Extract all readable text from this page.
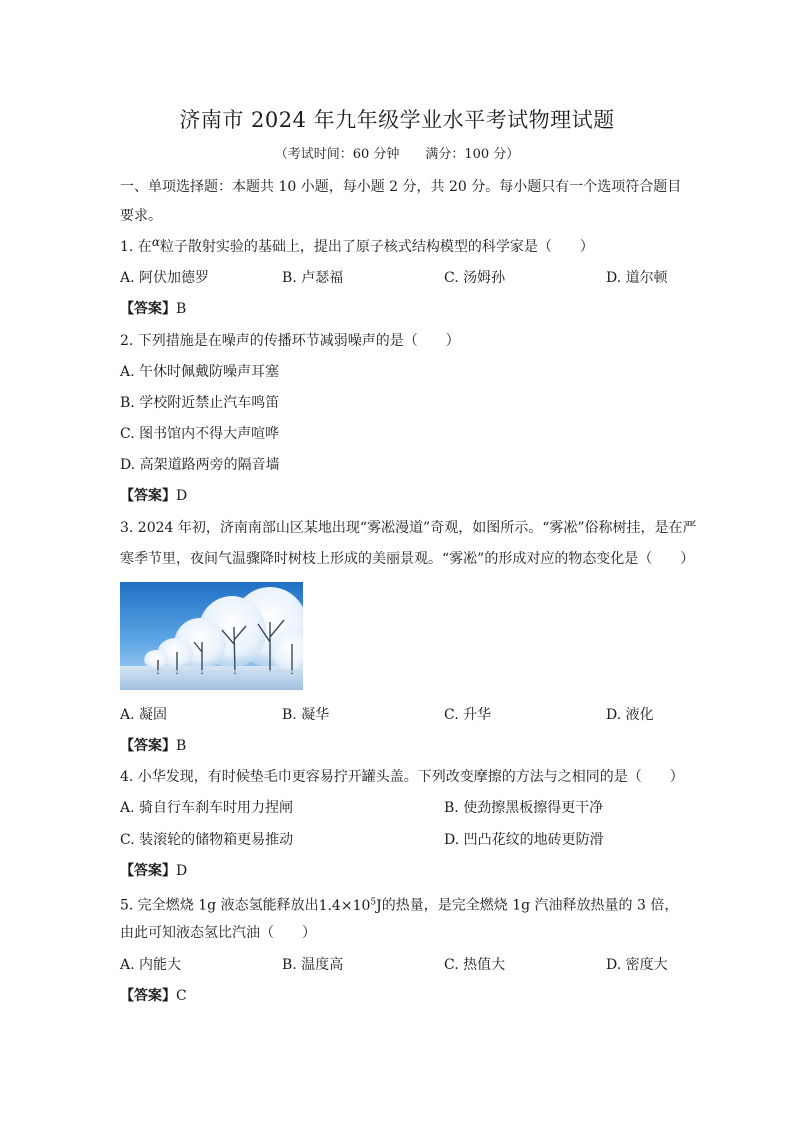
济南市 2024 年九年级学业水平考试物理试题
（考试时间：60 分钟　　满分：100 分）
一、单项选择题：本题共 10 小题，每小题 2 分，共 20 分。每小题只有一个选项符合题目
要求。
1. 在α粒子散射实验的基础上，提出了原子核式结构模型的科学家是（　　）
A. 阿伏加德罗	B. 卢瑟福	C. 汤姆孙	D. 道尔顿
【答案】B
2. 下列措施是在噪声的传播环节减弱噪声的是（　　）
A. 午休时佩戴防噪声耳塞
B. 学校附近禁止汽车鸣笛
C. 图书馆内不得大声喧哗
D. 高架道路两旁的隔音墙
【答案】D
3. 2024 年初，济南南部山区某地出现“雾凇漫道”奇观，如图所示。“雾凇”俗称树挂，是在严
寒季节里，夜间气温骤降时树枝上形成的美丽景观。“雾凇”的形成对应的物态变化是（　　）
A. 凝固	B. 凝华	C. 升华	D. 液化
【答案】B
4. 小华发现，有时候垫毛巾更容易拧开罐头盖。下列改变摩擦的方法与之相同的是（　　）
A. 骑自行车刹车时用力捏闸	B. 使劲擦黑板擦得更干净
C. 装滚轮的储物箱更易推动	D. 凹凸花纹的地砖更防滑
【答案】D
5. 完全燃烧 1g 液态氢能释放出$1.4\times 10^5J$的热量，是完全燃烧 1g 汽油释放热量的 3 倍，
由此可知液态氢比汽油（　　）
A. 内能大	B. 温度高	C. 热值大	D. 密度大
【答案】C
